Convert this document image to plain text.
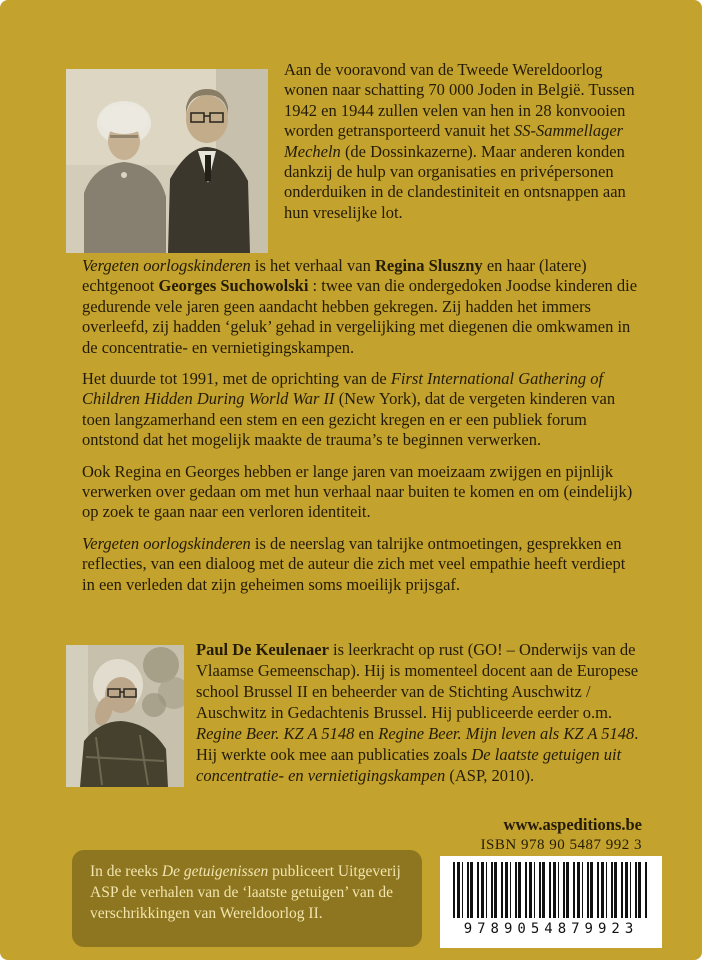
Aan de vooravond van de Tweede Wereldoorlog wonen naar schatting 70 000 Joden in België. Tussen 1942 en 1944 zullen velen van hen in 28 konvooien worden getransporteerd vanuit het SS-Sammellager Mecheln (de Dossinkazerne). Maar anderen konden dankzij de hulp van organisaties en privépersonen onderduiken in de clandestiniteit en ontsnappen aan hun vreselijke lot.

Vergeten oorlogskinderen is het verhaal van Regina Sluszny en haar (latere) echtgenoot Georges Suchowolski : twee van die ondergedoken Joodse kinderen die gedurende vele jaren geen aandacht hebben gekregen. Zij hadden het immers overleefd, zij hadden ‘geluk’ gehad in vergelijking met diegenen die omkwamen in de concentratie- en vernietigingskampen.

Het duurde tot 1991, met de oprichting van de First International Gathering of Children Hidden During World War II (New York), dat de vergeten kinderen van toen langzamerhand een stem en een gezicht kregen en er een publiek forum ontstond dat het mogelijk maakte de trauma’s te beginnen verwerken.

Ook Regina en Georges hebben er lange jaren van moeizaam zwijgen en pijnlijk verwerken over gedaan om met hun verhaal naar buiten te komen en om (eindelijk) op zoek te gaan naar een verloren identiteit.

Vergeten oorlogskinderen is de neerslag van talrijke ontmoetingen, gesprekken en reflecties, van een dialoog met de auteur die zich met veel empathie heeft verdiept in een verleden dat zijn geheimen soms moeilijk prijsgaf.

Paul De Keulenaer is leerkracht op rust (GO! – Onderwijs van de Vlaamse Gemeenschap). Hij is momenteel docent aan de Europese school Brussel II en beheerder van de Stichting Auschwitz / Auschwitz in Gedachtenis Brussel. Hij publiceerde eerder o.m. Regine Beer. KZ A 5148 en Regine Beer. Mijn leven als KZ A 5148. Hij werkte ook mee aan publicaties zoals De laatste getuigen uit concentratie- en vernietigingskampen (ASP, 2010).

www.aspeditions.be
ISBN 978 90 5487 992 3
9789054879923

In de reeks De getuigenissen publiceert Uitgeverij ASP de verhalen van de ‘laatste getuigen’ van de verschrikkingen van Wereldoorlog II.
